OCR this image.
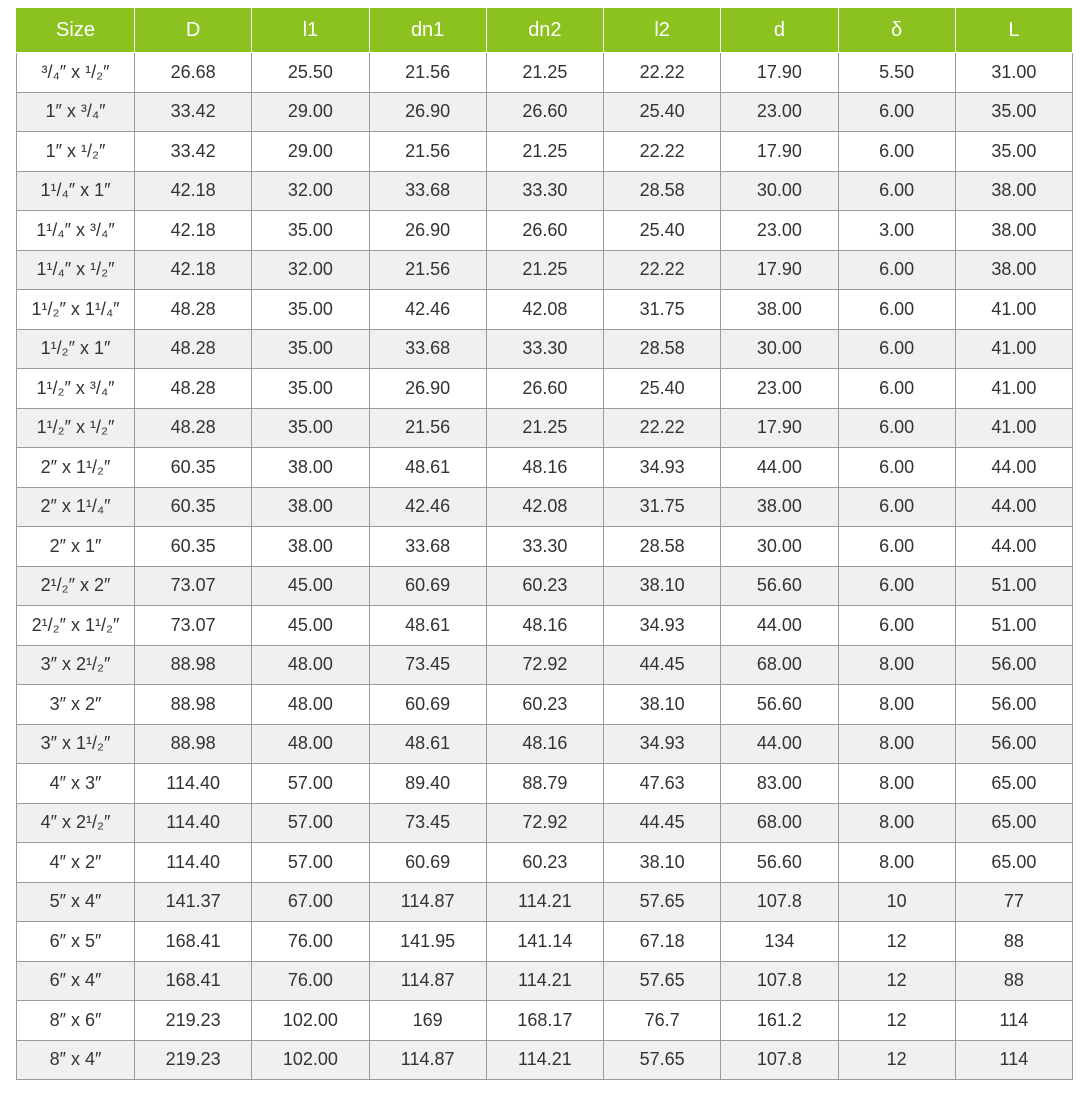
Size	D	l1	dn1	dn2	l2	d	δ	L
³/₄″ x ¹/₂″	26.68	25.50	21.56	21.25	22.22	17.90	5.50	31.00
1″ x ³/₄″	33.42	29.00	26.90	26.60	25.40	23.00	6.00	35.00
1″ x ¹/₂″	33.42	29.00	21.56	21.25	22.22	17.90	6.00	35.00
1¹/₄″ x 1″	42.18	32.00	33.68	33.30	28.58	30.00	6.00	38.00
1¹/₄″ x ³/₄″	42.18	35.00	26.90	26.60	25.40	23.00	3.00	38.00
1¹/₄″ x ¹/₂″	42.18	32.00	21.56	21.25	22.22	17.90	6.00	38.00
1¹/₂″ x 1¹/₄″	48.28	35.00	42.46	42.08	31.75	38.00	6.00	41.00
1¹/₂″ x 1″	48.28	35.00	33.68	33.30	28.58	30.00	6.00	41.00
1¹/₂″ x ³/₄″	48.28	35.00	26.90	26.60	25.40	23.00	6.00	41.00
1¹/₂″ x ¹/₂″	48.28	35.00	21.56	21.25	22.22	17.90	6.00	41.00
2″ x 1¹/₂″	60.35	38.00	48.61	48.16	34.93	44.00	6.00	44.00
2″ x 1¹/₄″	60.35	38.00	42.46	42.08	31.75	38.00	6.00	44.00
2″ x 1″	60.35	38.00	33.68	33.30	28.58	30.00	6.00	44.00
2¹/₂″ x 2″	73.07	45.00	60.69	60.23	38.10	56.60	6.00	51.00
2¹/₂″ x 1¹/₂″	73.07	45.00	48.61	48.16	34.93	44.00	6.00	51.00
3″ x 2¹/₂″	88.98	48.00	73.45	72.92	44.45	68.00	8.00	56.00
3″ x 2″	88.98	48.00	60.69	60.23	38.10	56.60	8.00	56.00
3″ x 1¹/₂″	88.98	48.00	48.61	48.16	34.93	44.00	8.00	56.00
4″ x 3″	114.40	57.00	89.40	88.79	47.63	83.00	8.00	65.00
4″ x 2¹/₂″	114.40	57.00	73.45	72.92	44.45	68.00	8.00	65.00
4″ x 2″	114.40	57.00	60.69	60.23	38.10	56.60	8.00	65.00
5″ x 4″	141.37	67.00	114.87	114.21	57.65	107.8	10	77
6″ x 5″	168.41	76.00	141.95	141.14	67.18	134	12	88
6″ x 4″	168.41	76.00	114.87	114.21	57.65	107.8	12	88
8″ x 6″	219.23	102.00	169	168.17	76.7	161.2	12	114
8″ x 4″	219.23	102.00	114.87	114.21	57.65	107.8	12	114
